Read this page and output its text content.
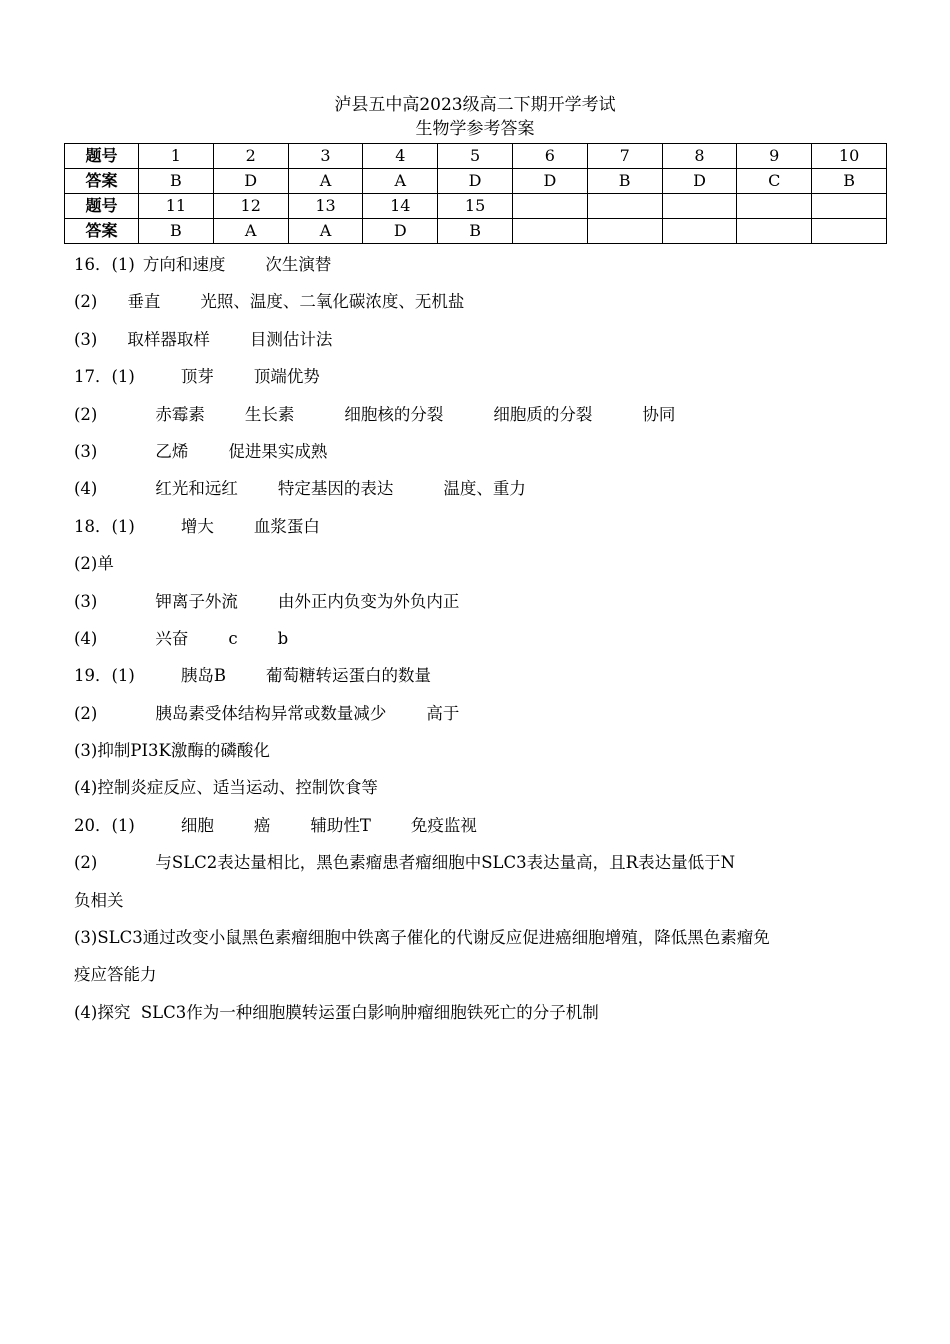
泸县五中高2023级高二下期开学考试
生物学参考答案
题号	1	2	3	4	5	6	7	8	9	10
答案	B	D	A	A	D	D	B	D	C	B
题号	11	12	13	14	15					
答案	B	A	A	D	B					
16．(1) 方向和速度 次生演替
(2) 垂直 光照、温度、二氧化碳浓度、无机盐
(3) 取样器取样 目测估计法
17．(1)	顶芽 顶端优势
(2)	赤霉素 生长素	细胞核的分裂	细胞质的分裂	协同
(3)	乙烯 促进果实成熟
(4)	红光和远红 特定基因的表达	温度、重力
18．(1)	增大 血浆蛋白
(2)单
(3)	钾离子外流 由外正内负变为外负内正
(4)	兴奋 c b
19．(1)	胰岛B 葡萄糖转运蛋白的数量
(2)	胰岛素受体结构异常或数量减少 高于
(3)抑制PI3K激酶的磷酸化
(4)控制炎症反应、适当运动、控制饮食等
20．(1)	细胞 癌 辅助性T 免疫监视
(2)	与SLC2表达量相比，黑色素瘤患者瘤细胞中SLC3表达量高，且R表达量低于N
负相关
(3)SLC3通过改变小鼠黑色素瘤细胞中铁离子催化的代谢反应促进癌细胞增殖，降低黑色素瘤免
疫应答能力
(4)探究  SLC3作为一种细胞膜转运蛋白影响肿瘤细胞铁死亡的分子机制
